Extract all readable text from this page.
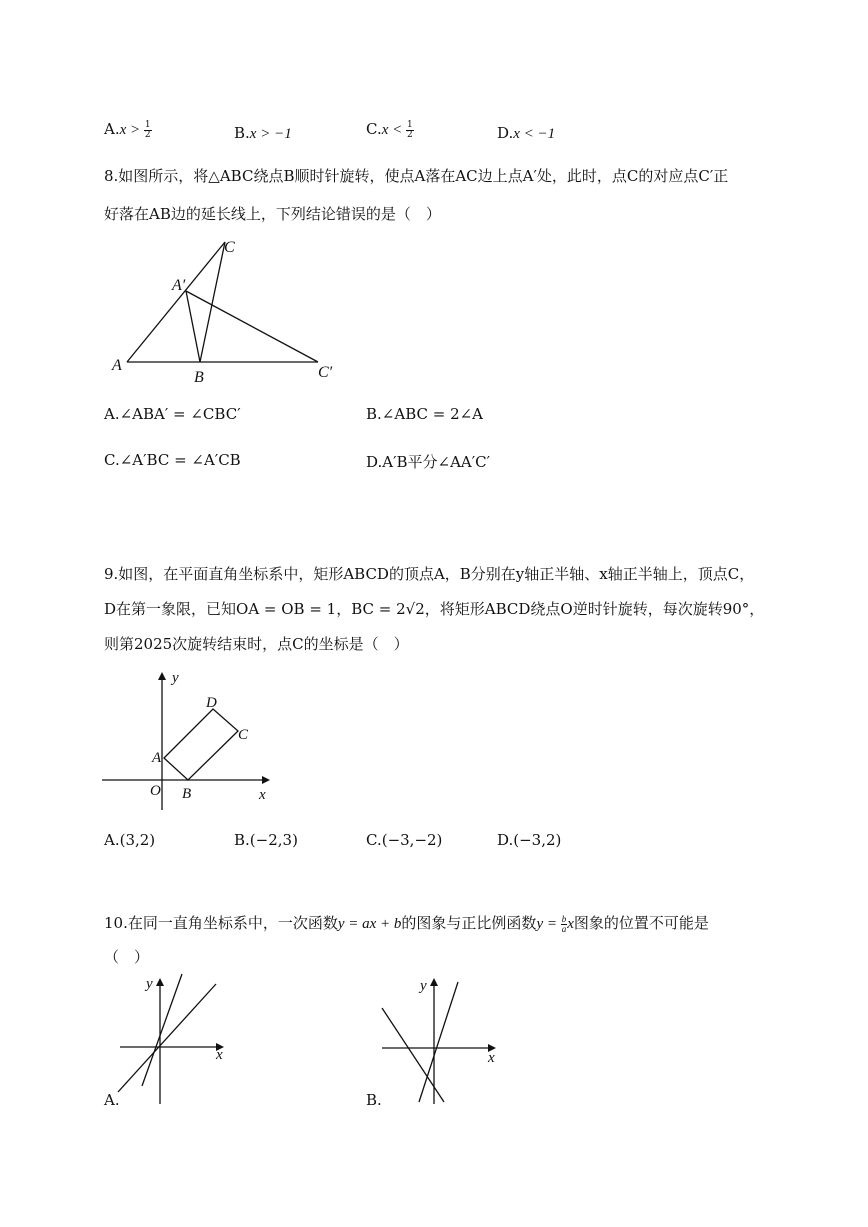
$A.x > \frac{1}{2}$	B.x > −1	$C.x < \frac{1}{2}$	D.x < −1
8.如图所示，将△ABC绕点B顺时针旋转，使点A落在AC边上点A′处，此时，点C的对应点C′正
好落在AB边的延长线上，下列结论错误的是（　）
A
A′
B
C
C′
A.∠ABA′ = ∠CBC′	B.∠ABC = 2∠A
C.∠A′BC = ∠A′CB	D.A′B平分∠AA′C′
9.如图，在平面直角坐标系中，矩形ABCD的顶点A，B分别在y轴正半轴、x轴正半轴上，顶点C，
D在第一象限，已知OA = OB = 1，BC = 2√2，将矩形ABCD绕点O逆时针旋转，每次旋转90°，
则第2025次旋转结束时，点C的坐标是（　）
y
x
O
A
B
C
D
A.(3,2)	B.(−2,3)	C.(−3,−2)	D.(−3,2)
10.在同一直角坐标系中，一次函数y = ax + b的图象与正比例函数$y = \frac{b}{a}$ x图象的位置不可能是
（　）
y
x
A.
y
x
B.
